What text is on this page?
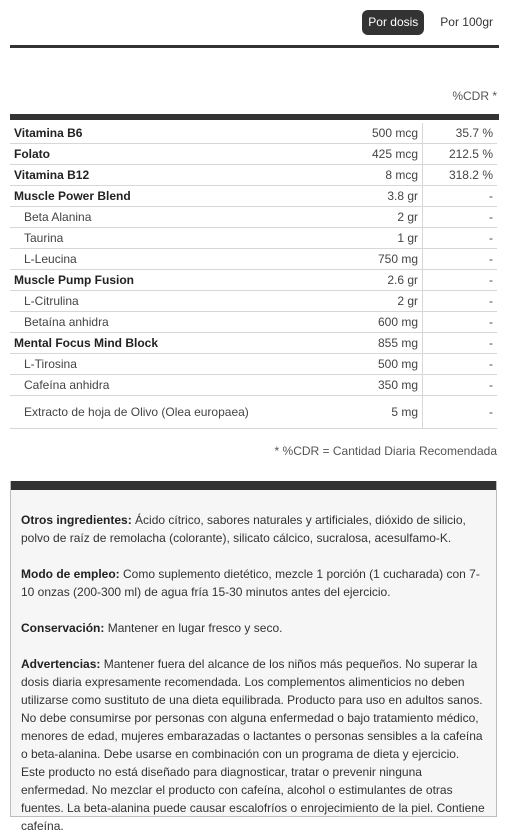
Por dosis	Por 100gr
%CDR *
Vitamina B6	500 mcg	35.7 %

Folato	425 mcg	212.5 %

Vitamina B12	8 mcg	318.2 %

Muscle Power Blend	3.8 gr	-

Beta Alanina	2 gr	-

Taurina	1 gr	-

L-Leucina	750 mg	-

Muscle Pump Fusion	2.6 gr	-

L-Citrulina	2 gr	-

Betaína anhidra	600 mg	-

Mental Focus Mind Block	855 mg	-

L-Tirosina	500 mg	-

Cafeína anhidra	350 mg	-

Extracto de hoja de Olivo (Olea europaea)	5 mg	-
* %CDR = Cantidad Diaria Recomendada
Otros ingredientes: Ácido cítrico, sabores naturales y artificiales, dióxido de silicio, polvo de raíz de remolacha (colorante), silicato cálcico, sucralosa, acesulfamo-K.
Modo de empleo: Como suplemento dietético, mezcle 1 porción (1 cucharada) con 7-10 onzas (200-300 ml) de agua fría 15-30 minutos antes del ejercicio.
Conservación: Mantener en lugar fresco y seco.
Advertencias: Mantener fuera del alcance de los niños más pequeños. No superar la dosis diaria expresamente recomendada. Los complementos alimenticios no deben utilizarse como sustituto de una dieta equilibrada. Producto para uso en adultos sanos. No debe consumirse por personas con alguna enfermedad o bajo tratamiento médico, menores de edad, mujeres embarazadas o lactantes o personas sensibles a la cafeína o beta-alanina. Debe usarse en combinación con un programa de dieta y ejercicio. Este producto no está diseñado para diagnosticar, tratar o prevenir ninguna enfermedad. No mezclar el producto con cafeína, alcohol o estimulantes de otras fuentes. La beta-alanina puede causar escalofríos o enrojecimiento de la piel. Contiene cafeína.
